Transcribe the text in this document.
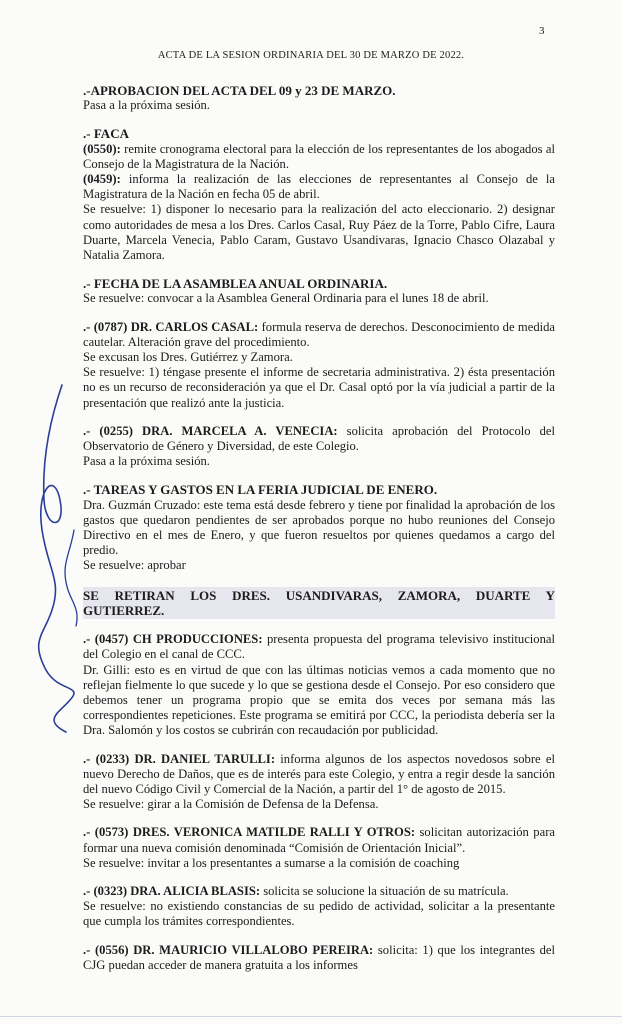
3
ACTA DE LA SESION ORDINARIA DEL 30 DE MARZO DE 2022.

.-APROBACION DEL ACTA DEL 09 y 23 DE MARZO.

Pasa a la próxima sesión.

.- FACA

(0550): remite cronograma electoral para la elección de los representantes de los abogados al Consejo de la Magistratura de la Nación.

(0459): informa la realización de las elecciones de representantes al Consejo de la Magistratura de la Nación en fecha 05 de abril.

Se resuelve: 1) disponer lo necesario para la realización del acto eleccionario. 2) designar como autoridades de mesa a los Dres. Carlos Casal, Ruy Páez de la Torre, Pablo Cifre, Laura Duarte, Marcela Venecia, Pablo Caram, Gustavo Usandivaras, Ignacio Chasco Olazabal y Natalia Zamora.

.- FECHA DE LA ASAMBLEA ANUAL ORDINARIA.

Se resuelve: convocar a la Asamblea General Ordinaria para el lunes 18 de abril.

.- (0787) DR. CARLOS CASAL: formula reserva de derechos. Desconocimiento de medida cautelar. Alteración grave del procedimiento.

Se excusan los Dres. Gutiérrez y Zamora.

Se resuelve: 1) téngase presente el informe de secretaria administrativa. 2) ésta presentación no es un recurso de reconsideración ya que el Dr. Casal optó por la vía judicial a partir de la presentación que realizó ante la justicia.

.- (0255) DRA. MARCELA A. VENECIA: solicita aprobación del Protocolo del Observatorio de Género y Diversidad, de este Colegio.

Pasa a la próxima sesión.

.- TAREAS Y GASTOS EN LA FERIA JUDICIAL DE ENERO.

Dra. Guzmán Cruzado: este tema está desde febrero y tiene por finalidad la aprobación de los gastos que quedaron pendientes de ser aprobados porque no hubo reuniones del Consejo Directivo en el mes de Enero, y que fueron resueltos por quienes quedamos a cargo del predio.

Se resuelve: aprobar

SE RETIRAN LOS DRES. USANDIVARAS, ZAMORA, DUARTE Y
GUTIERREZ.

.- (0457) CH PRODUCCIONES: presenta propuesta del programa televisivo institucional del Colegio en el canal de CCC.

Dr. Gilli: esto es en virtud de que con las últimas noticias vemos a cada momento que no reflejan fielmente lo que sucede y lo que se gestiona desde el Consejo. Por eso considero que debemos tener un programa propio que se emita dos veces por semana más las correspondientes repeticiones. Este programa se emitirá por CCC, la periodista debería ser la Dra. Salomón y los costos se cubrirán con recaudación por publicidad.

.- (0233) DR. DANIEL TARULLI: informa algunos de los aspectos novedosos sobre el nuevo Derecho de Daños, que es de interés para este Colegio, y entra a regir desde la sanción del nuevo Código Civil y Comercial de la Nación, a partir del 1° de agosto de 2015.

Se resuelve: girar a la Comisión de Defensa de la Defensa.

.- (0573) DRES. VERONICA MATILDE RALLI Y OTROS: solicitan autorización para formar una nueva comisión denominada “Comisión de Orientación Inicial”.

Se resuelve: invitar a los presentantes a sumarse a la comisión de coaching

.- (0323) DRA. ALICIA BLASIS: solicita se solucione la situación de su matrícula.

Se resuelve: no existiendo constancias de su pedido de actividad, solicitar a la presentante que cumpla los trámites correspondientes.

.- (0556) DR. MAURICIO VILLALOBO PEREIRA: solicita: 1) que los integrantes del CJG puedan acceder de manera gratuita a los informes
